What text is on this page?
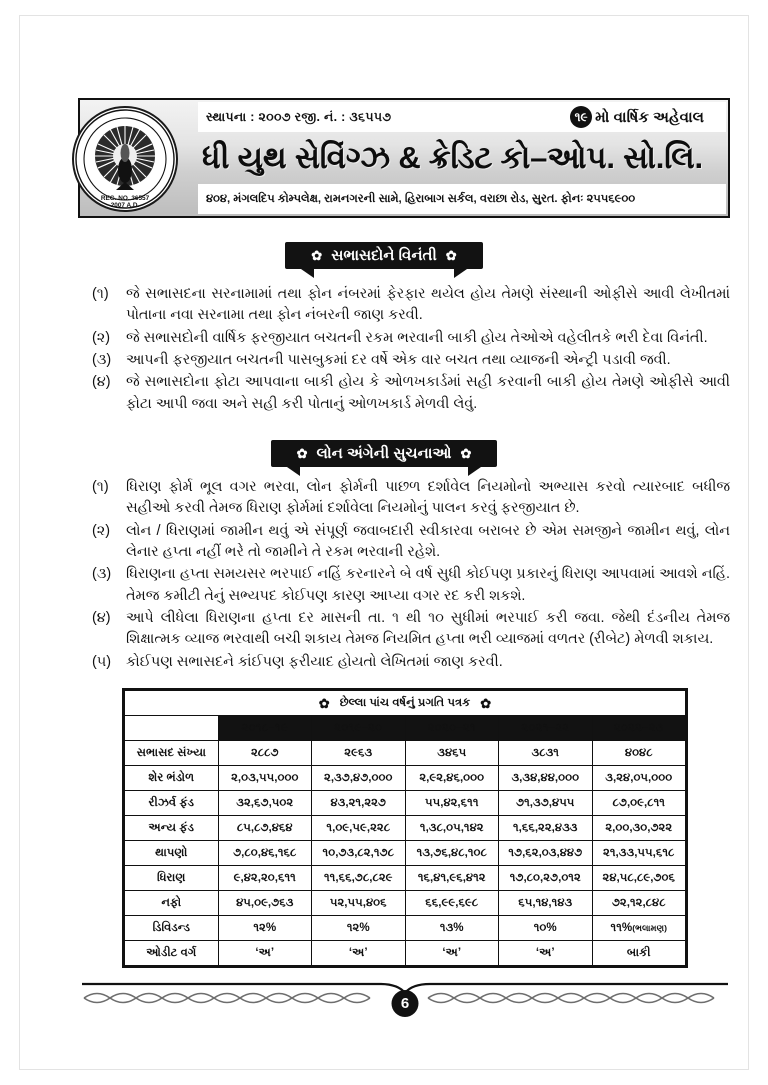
સ્થાપના : ૨૦૦૭ રજી. નં. : ૩૬૫૫૭	૧૯ મો વાર્ષિક અહેવાલ
ધી યુથ સેવિંગ્ઝ & ક્રેડિટ કો–ઓપ. સો.લિ.
૪૦૪, મંગલદિપ કોમ્પલેક્ષ, રામનગરની સામે, હિરાબાગ સર્કલ, વરાછા રોડ, સુરત. ફોનઃ ૨૫૫૬૯૦૦
REG. NO. 36557
2007 A.D.
✿ સભાસદોને વિનંતી ✿
(૧)	જે સભાસદના સરનામામાં તથા ફોન નંબરમાં ફેરફાર થયેલ હોય તેમણે સંસ્થાની ઓફીસે આવી લેખીતમાં પોતાના નવા સરનામા તથા ફોન નંબરની જાણ કરવી.
(૨)	જે સભાસદોની વાર્ષિક ફરજીયાત બચતની રકમ ભરવાની બાકી હોય તેઓએ વહેલીતકે ભરી દેવા વિનંતી.
(૩)	આપની ફરજીયાત બચતની પાસબુકમાં દર વર્ષે એક વાર બચત તથા વ્યાજની એન્ટ્રી પડાવી જવી.
(૪)	જે સભાસદોના ફોટા આપવાના બાકી હોય કે ઓળખકાર્ડમાં સહી કરવાની બાકી હોય તેમણે ઓફીસે આવી ફોટા આપી જવા અને સહી કરી પોતાનું ઓળખકાર્ડ મેળવી લેવું.
✿ લોન અંગેની સુચનાઓ ✿
(૧)	ધિરાણ ફોર્મ ભૂલ વગર ભરવા, લોન ફોર્મની પાછળ દર્શાવેલ નિયમોનો અભ્યાસ કરવો ત્યારબાદ બધીજ સહીઓ કરવી તેમજ ધિરાણ ફોર્મમાં દર્શાવેલા નિયમોનું પાલન કરવું ફરજીયાત છે.
(૨)	લોન / ધિરાણમાં જામીન થવું એ સંપૂર્ણ જવાબદારી સ્વીકારવા બરાબર છે એમ સમજીને જામીન થવું, લોન લેનાર હપ્તા નહીં ભરે તો જામીને તે રકમ ભરવાની રહેશે.
(૩)	ધિરાણના હપ્તા સમયસર ભરપાઈ નહિં કરનારને બે વર્ષ સુધી કોઈપણ પ્રકારનું ધિરાણ આપવામાં આવશે નહિં. તેમજ કમીટી તેનું સભ્યપદ કોઈપણ કારણ આપ્યા વગર રદ કરી શકશે.
(૪)	આપે લીધેલા ધિરાણના હપ્તા દર માસની તા. ૧ થી ૧૦ સુધીમાં ભરપાઈ કરી જવા. જેથી દંડનીય તેમજ શિક્ષાત્મક વ્યાજ ભરવાથી બચી શકાય તેમજ નિયમિત હપ્તા ભરી વ્યાજમાં વળતર (રીબેટ) મેળવી શકાય.
(૫)	કોઈપણ સભાસદને કાંઈપણ ફરીયાદ હોયતો લેખિતમાં જાણ કરવી.
✿ છેલ્લા પાંચ વર્ષનું પ્રગતિ પત્રક ✿					

	૨૦૧૮–૧૯	૨૦૧૯–૨૦	૨૦૨૦–૨૧	૨૦૨૧–૨૨	૨૦૨૨–૨૩
સભાસદ સંખ્યા	૨૮૮૭	૨૯૬૩	૩૪૬૫	૩૮૩૧	૪૦૪૮
શેર ભંડોળ	૨,૦૩,૫૫,૦૦૦	૨,૩૭,૪૭,૦૦૦	૨,૯૨,૪૬,૦૦૦	૩,૩૪,૪૪,૦૦૦	૩,૨૪,૦૫,૦૦૦
રીઝર્વ ફંડ	૩૨,૬૭,૫૦૨	૪૩,૨૧,૨૨૭	૫૫,૪૨,૬૧૧	૭૧,૩૭,૪૫૫	૮૭,૦૯,૮૧૧
અન્ય ફંડ	૮૫,૮૭,૪૬૪	૧,૦૯,૫૯,૨૨૮	૧,૩૮,૦૫,૧૪૨	૧,૬૬,૨૨,૪૩૩	૨,૦૦,૩૦,૭૨૨
થાપણો	૭,૮૦,૪૬,૧૬૮	૧૦,૭૩,૮૨,૧૭૮	૧૩,૭૬,૪૮,૧૦૮	૧૭,૬૨,૦૩,૪૪૭	૨૧,૩૩,૫૫,૬૧૮
ધિરાણ	૯,૪૨,૨૦,૬૧૧	૧૧,૬૬,૭૮,૮૨૯	૧૬,૪૧,૯૬,૪૧૨	૧૭,૮૦,૨૭,૦૧૨	૨૪,૫૮,૮૯,૭૦૬
નફો	૪૫,૦૯,૭૬૩	૫૨,૫૫,૪૦૬	૬૬,૯૯,૬૯૮	૬૫,૧૪,૧૪૩	૭૨,૧૨,૮૪૮
ડિવિડન્ડ	૧૨%	૧૨%	૧૩%	૧૦%	૧૧%(ભલામણ)
ઓડીટ વર્ગ	‘અ’	‘અ’	‘અ’	‘અ’	બાકી
6
